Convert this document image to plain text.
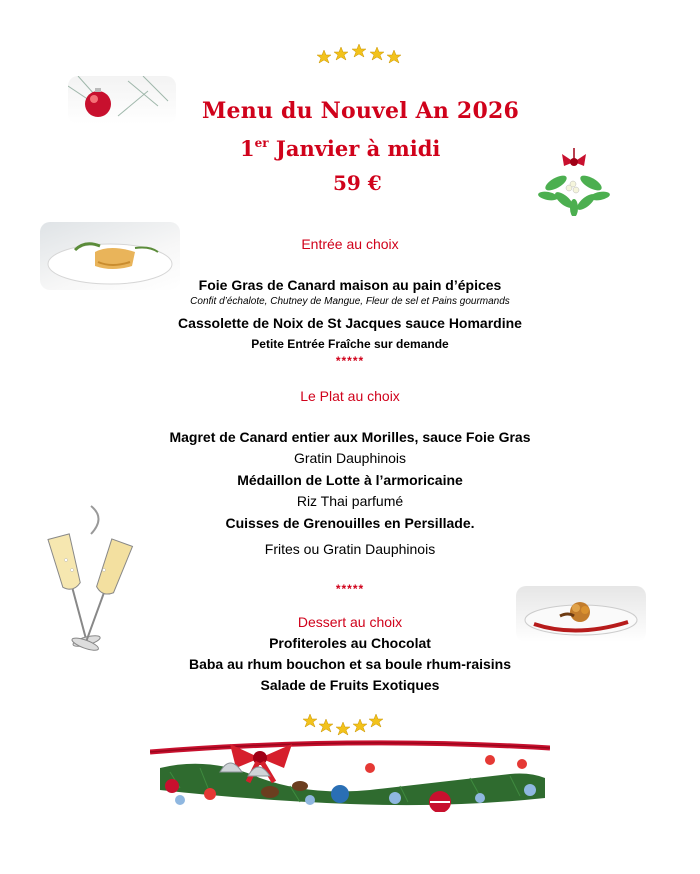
Menu du Nouvel An 2026
1er Janvier à midi
59 €
Entrée au choix
Foie Gras de Canard maison au pain d’épices
Confit d’échalote, Chutney de Mangue, Fleur de sel et Pains gourmands
Cassolette de Noix de St Jacques sauce Homardine
Petite Entrée Fraîche sur demande
*****
Le Plat au choix
Magret de Canard entier aux Morilles, sauce Foie Gras
Gratin Dauphinois
Médaillon de Lotte à l’armoricaine
Riz Thai parfumé
Cuisses de Grenouilles en Persillade.
Frites ou Gratin Dauphinois
*****
Dessert au choix
Profiteroles au Chocolat
Baba au rhum bouchon et sa boule rhum-raisins
Salade de Fruits Exotiques
